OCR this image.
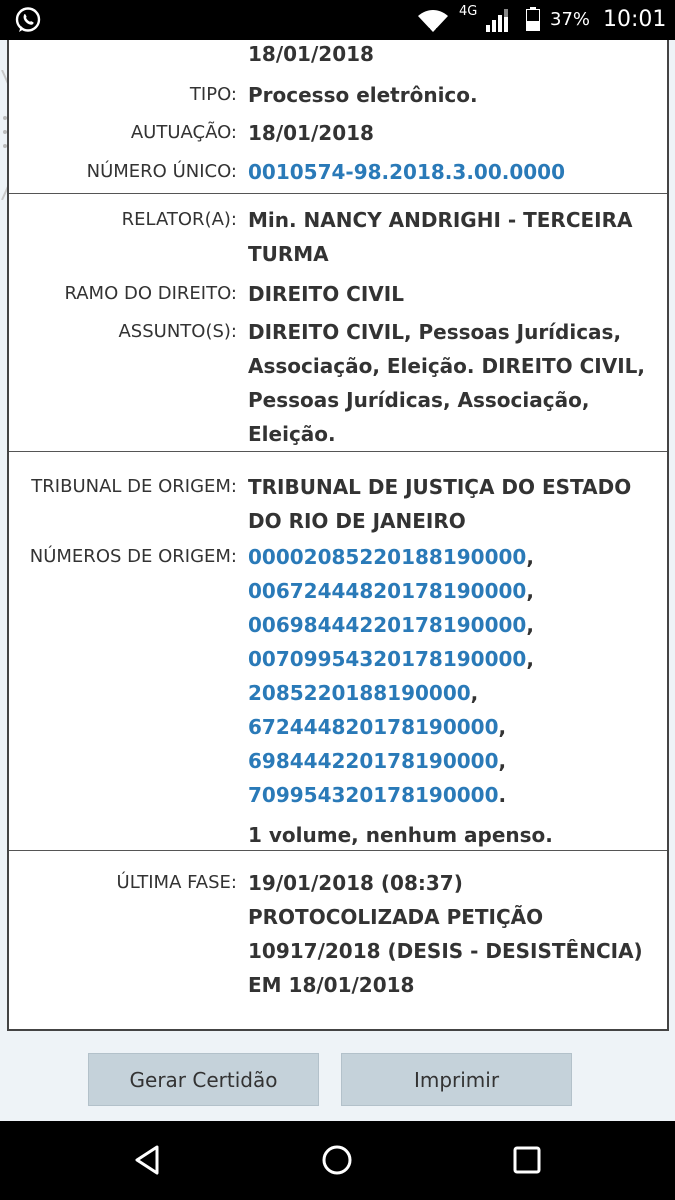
4G	37% 10:01
18/01/2018
TIPO: Processo eletrônico.
AUTUAÇÃO: 18/01/2018
NÚMERO ÚNICO: 0010574-98.2018.3.00.0000
RELATOR(A): Min. NANCY ANDRIGHI - TERCEIRA
TURMA
RAMO DO DIREITO: DIREITO CIVIL
ASSUNTO(S): DIREITO CIVIL, Pessoas Jurídicas,
Associação, Eleição. DIREITO CIVIL,
Pessoas Jurídicas, Associação,
Eleição.
TRIBUNAL DE ORIGEM: TRIBUNAL DE JUSTIÇA DO ESTADO
DO RIO DE JANEIRO
NÚMEROS DE ORIGEM: 00002085220188190000,
00672444820178190000,
00698444220178190000,
00709954320178190000,
2085220188190000,
672444820178190000,
698444220178190000,
709954320178190000.
1 volume, nenhum apenso.
ÚLTIMA FASE: 19/01/2018 (08:37)
PROTOCOLIZADA PETIÇÃO
10917/2018 (DESIS - DESISTÊNCIA)
EM 18/01/2018
Gerar Certidão	Imprimir
